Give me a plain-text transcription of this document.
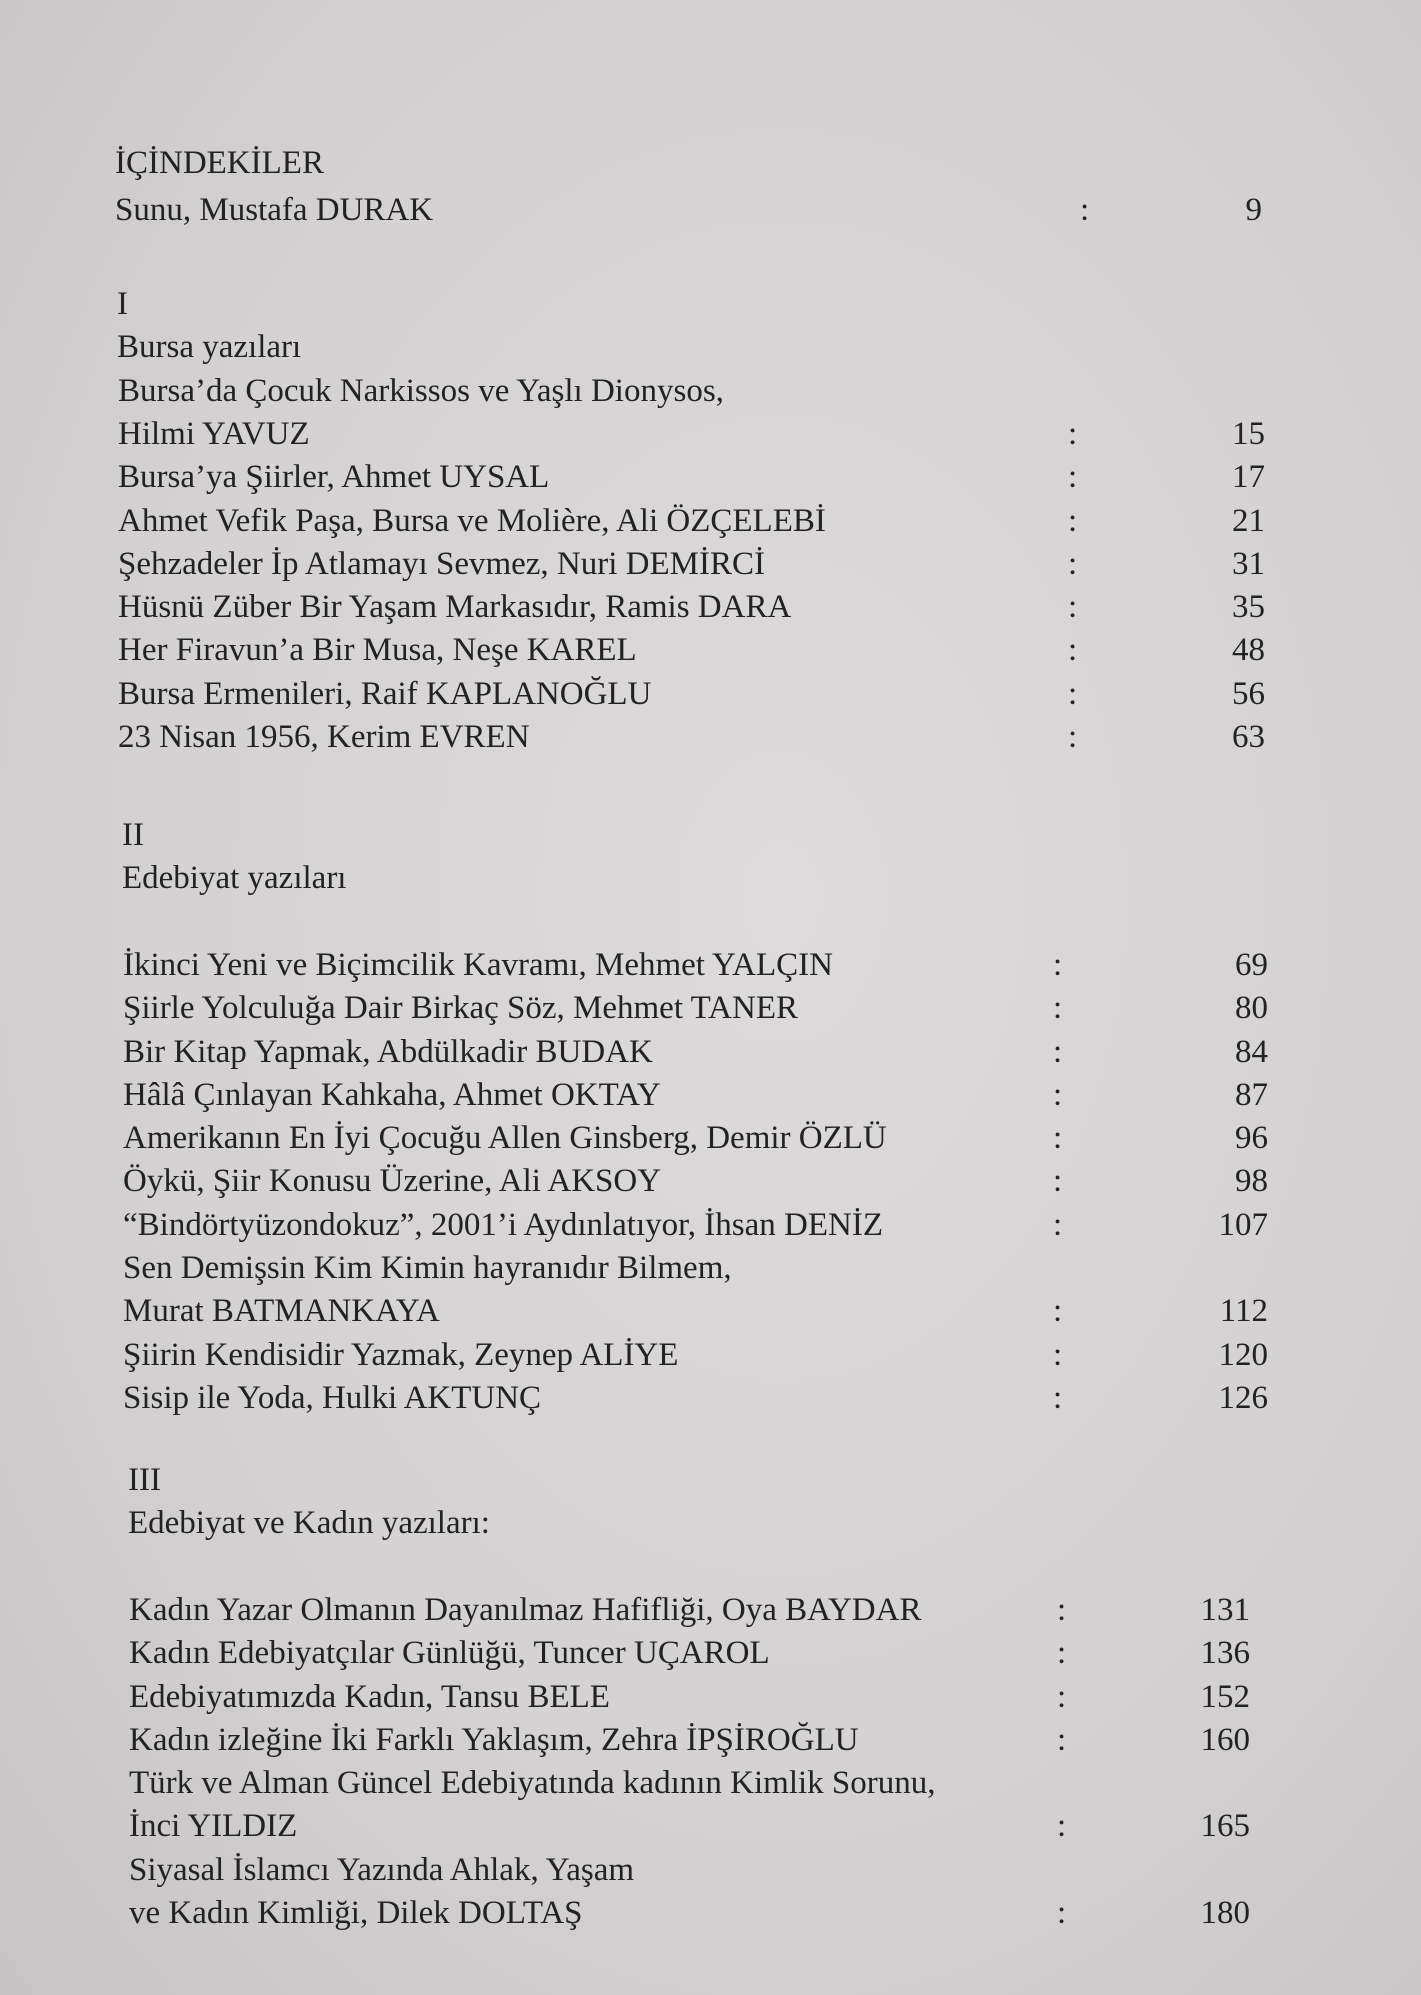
İÇİNDEKİLER
Sunu, Mustafa DURAK	:	9
I
Bursa yazıları
Bursa’da Çocuk Narkissos ve Yaşlı Dionysos,
Hilmi YAVUZ	:	15
Bursa’ya Şiirler, Ahmet UYSAL	:	17
Ahmet Vefik Paşa, Bursa ve Molière, Ali ÖZÇELEBİ	:	21
Şehzadeler İp Atlamayı Sevmez, Nuri DEMİRCİ	:	31
Hüsnü Züber Bir Yaşam Markasıdır, Ramis DARA	:	35
Her Firavun’a Bir Musa, Neşe KAREL	:	48
Bursa Ermenileri, Raif KAPLANOĞLU	:	56
23 Nisan 1956, Kerim EVREN	:	63
II
Edebiyat yazıları
İkinci Yeni ve Biçimcilik Kavramı, Mehmet YALÇIN	:	69
Şiirle Yolculuğa Dair Birkaç Söz, Mehmet TANER	:	80
Bir Kitap Yapmak, Abdülkadir BUDAK	:	84
Hâlâ Çınlayan Kahkaha, Ahmet OKTAY	:	87
Amerikanın En İyi Çocuğu Allen Ginsberg, Demir ÖZLÜ	:	96
Öykü, Şiir Konusu Üzerine, Ali AKSOY	:	98
“Bindörtyüzondokuz”, 2001’i Aydınlatıyor, İhsan DENİZ	:	107
Sen Demişsin Kim Kimin hayranıdır Bilmem,
Murat BATMANKAYA	:	112
Şiirin Kendisidir Yazmak, Zeynep ALİYE	:	120
Sisip ile Yoda, Hulki AKTUNÇ	:	126
III
Edebiyat ve Kadın yazıları:
Kadın Yazar Olmanın Dayanılmaz Hafifliği, Oya BAYDAR	:	131
Kadın Edebiyatçılar Günlüğü, Tuncer UÇAROL	:	136
Edebiyatımızda Kadın, Tansu BELE	:	152
Kadın izleğine İki Farklı Yaklaşım, Zehra İPŞİROĞLU	:	160
Türk ve Alman Güncel Edebiyatında kadının Kimlik Sorunu,
İnci YILDIZ	:	165
Siyasal İslamcı Yazında Ahlak, Yaşam
ve Kadın Kimliği, Dilek DOLTAŞ	:	180
